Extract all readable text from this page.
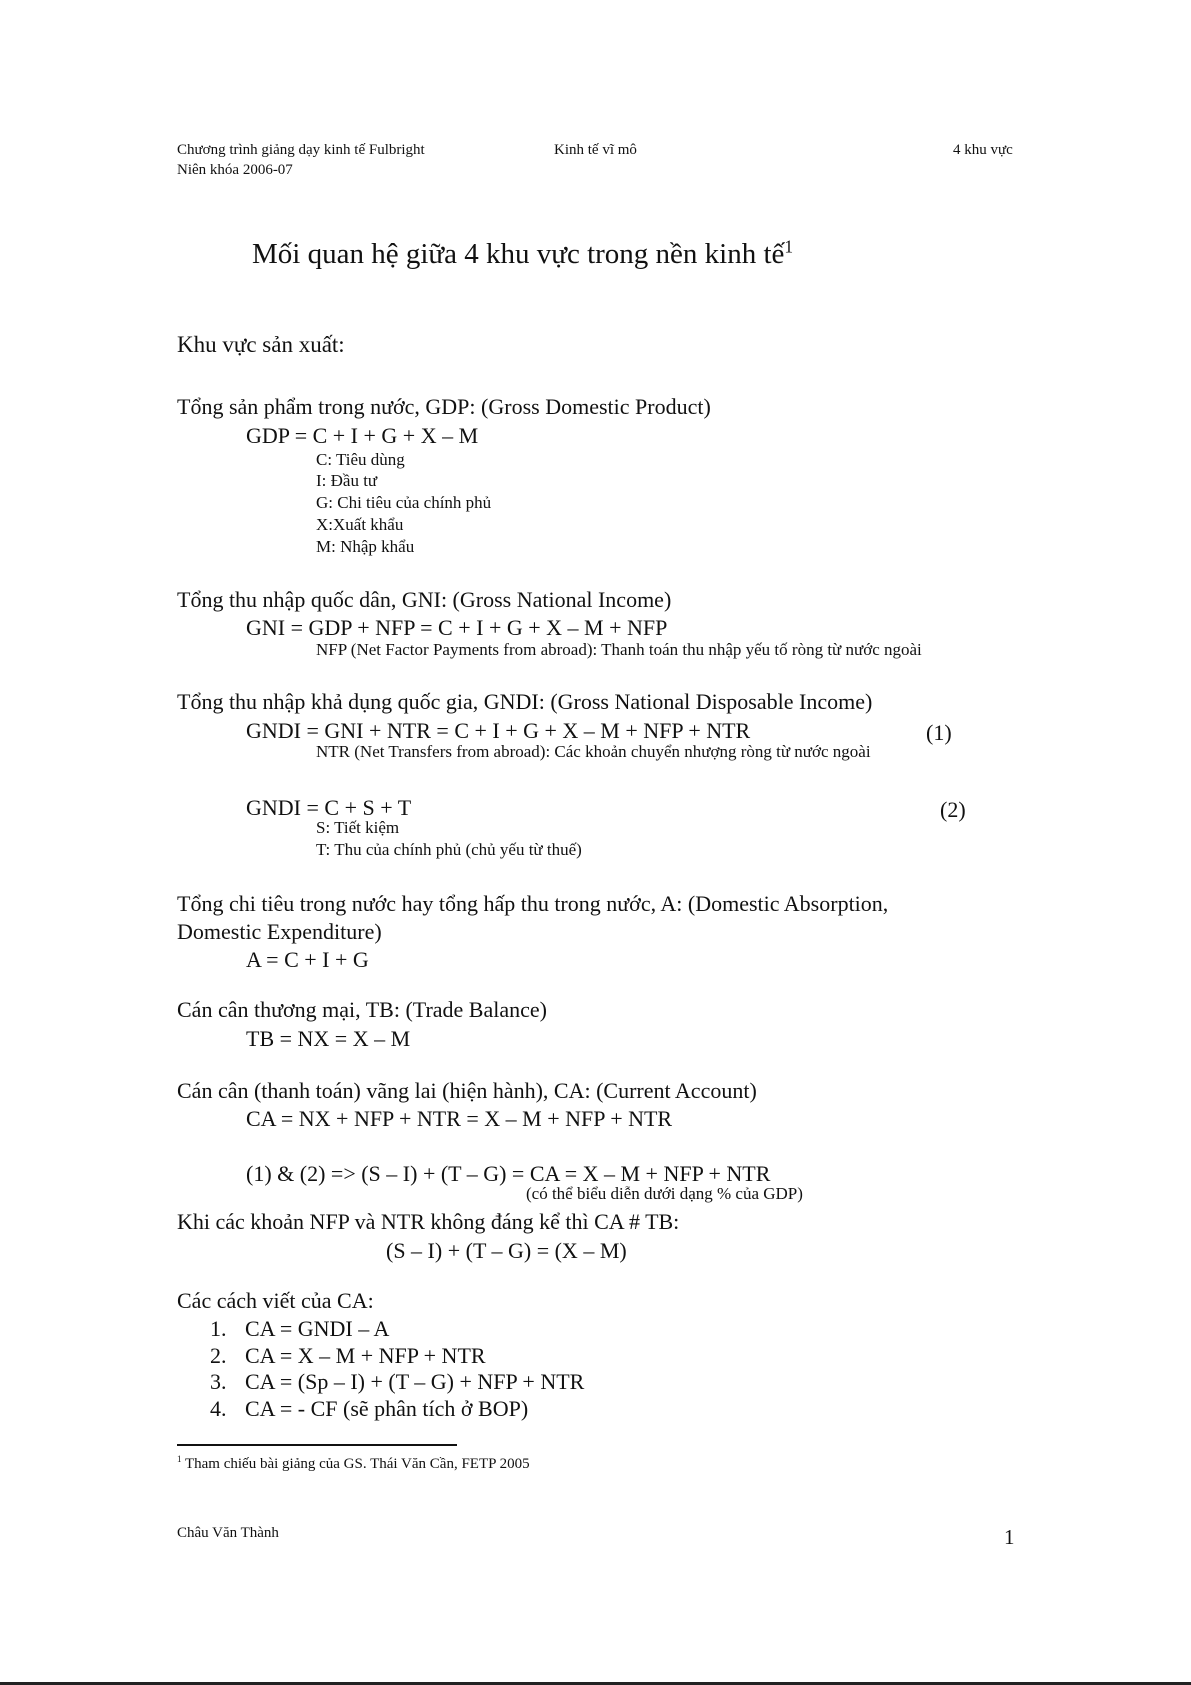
Chương trình giảng dạy kinh tế Fulbright
Niên khóa 2006-07
Kinh tế vĩ mô	4 khu vực
Mối quan hệ giữa 4 khu vực trong nền kinh tế$^1$
Khu vực sản xuất:
Tổng sản phẩm trong nước, GDP: (Gross Domestic Product)
GDP = C + I + G + X – M
C: Tiêu dùng
I: Đầu tư
G: Chi tiêu của chính phủ
X:Xuất khẩu
M: Nhập khẩu
Tổng thu nhập quốc dân, GNI: (Gross National Income)
GNI = GDP + NFP = C + I + G + X – M + NFP
NFP (Net Factor Payments from abroad): Thanh toán thu nhập yếu tố ròng từ nước ngoài
Tổng thu nhập khả dụng quốc gia, GNDI: (Gross National Disposable Income)
GNDI = GNI + NTR = C + I + G + X – M + NFP + NTR	(1)
NTR (Net Transfers from abroad): Các khoản chuyển nhượng ròng từ nước ngoài
GNDI = C + S + T	(2)
S: Tiết kiệm
T: Thu của chính phủ (chủ yếu từ thuế)
Tổng chi tiêu trong nước hay tổng hấp thu trong nước, A: (Domestic Absorption,
Domestic Expenditure)
A = C + I + G
Cán cân thương mại, TB: (Trade Balance)
TB = NX = X – M
Cán cân (thanh toán) vãng lai (hiện hành), CA: (Current Account)
CA = NX + NFP + NTR = X – M + NFP + NTR
(1) & (2) => (S – I) + (T – G) = CA = X – M + NFP + NTR
(có thể biểu diễn dưới dạng % của GDP)
Khi các khoản NFP và NTR không đáng kể thì CA # TB:
(S – I) + (T – G) = (X – M)
Các cách viết của CA:
1. CA = GNDI – A
2. CA = X – M + NFP + NTR
3. CA = (Sp – I) + (T – G) + NFP + NTR
4. CA = - CF (sẽ phân tích ở BOP)
$^1$ Tham chiếu bài giảng của GS. Thái Văn Cần, FETP 2005
Châu Văn Thành	1
